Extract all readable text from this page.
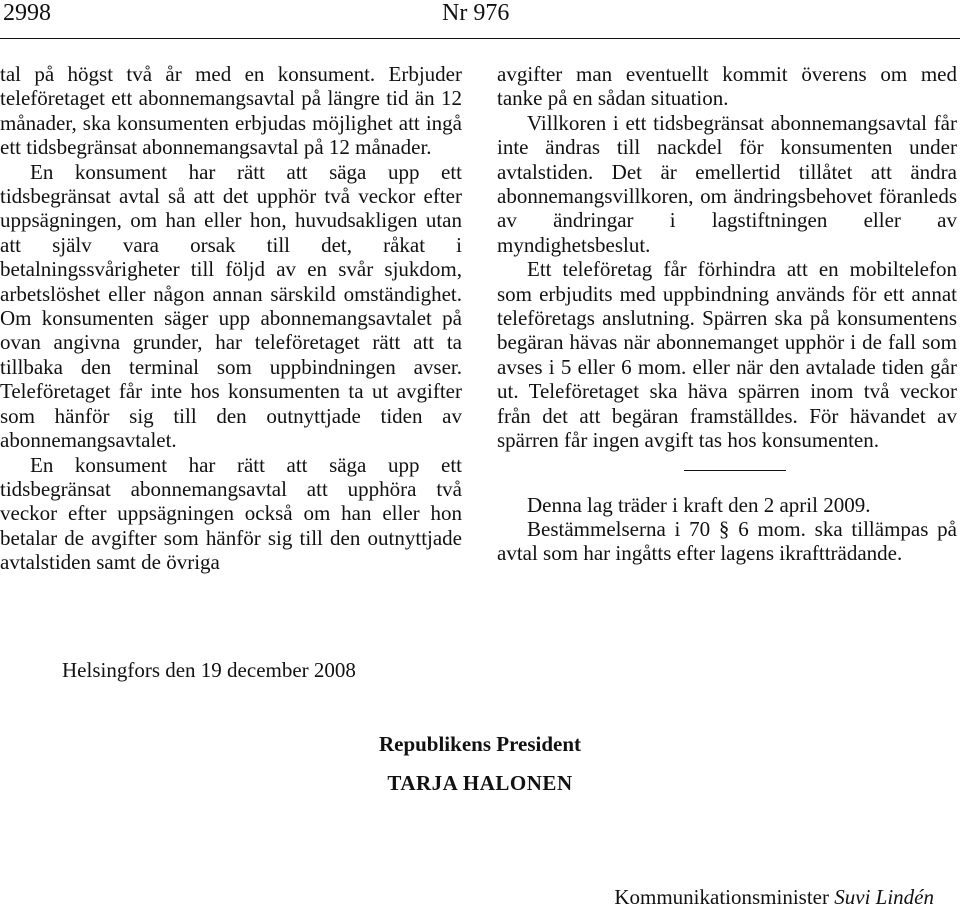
2998	Nr 976

tal på högst två år med en konsument. Erbjuder teleföretaget ett abonnemangsavtal på längre tid än 12 månader, ska konsumenten erbjudas möjlighet att ingå ett tidsbegränsat abonnemangsavtal på 12 månader.

En konsument har rätt att säga upp ett tidsbegränsat avtal så att det upphör två veckor efter uppsägningen, om han eller hon, huvudsakligen utan att själv vara orsak till det, råkat i betalningssvårigheter till följd av en svår sjukdom, arbetslöshet eller någon annan särskild omständighet. Om konsumenten säger upp abonnemangsavtalet på ovan angivna grunder, har teleföretaget rätt att ta tillbaka den terminal som uppbindningen avser. Teleföretaget får inte hos konsumenten ta ut avgifter som hänför sig till den outnyttjade tiden av abonnemangsavtalet.

En konsument har rätt att säga upp ett tidsbegränsat abonnemangsavtal att upphöra två veckor efter uppsägningen också om han eller hon betalar de avgifter som hänför sig till den outnyttjade avtalstiden samt de övriga

avgifter man eventuellt kommit överens om med tanke på en sådan situation.

Villkoren i ett tidsbegränsat abonnemangsavtal får inte ändras till nackdel för konsumenten under avtalstiden. Det är emellertid tillåtet att ändra abonnemangsvillkoren, om ändringsbehovet föranleds av ändringar i lagstiftningen eller av myndighetsbeslut.

Ett teleföretag får förhindra att en mobiltelefon som erbjudits med uppbindning används för ett annat teleföretags anslutning. Spärren ska på konsumentens begäran hävas när abonnemanget upphör i de fall som avses i 5 eller 6 mom. eller när den avtalade tiden går ut. Teleföretaget ska häva spärren inom två veckor från det att begäran framställdes. För hävandet av spärren får ingen avgift tas hos konsumenten.

Denna lag träder i kraft den 2 april 2009.

Bestämmelserna i 70 § 6 mom. ska tillämpas på avtal som har ingåtts efter lagens ikraftträdande.

Helsingfors den 19 december 2008
Republikens President
TARJA HALONEN
Kommunikationsminister Suvi Lindén
